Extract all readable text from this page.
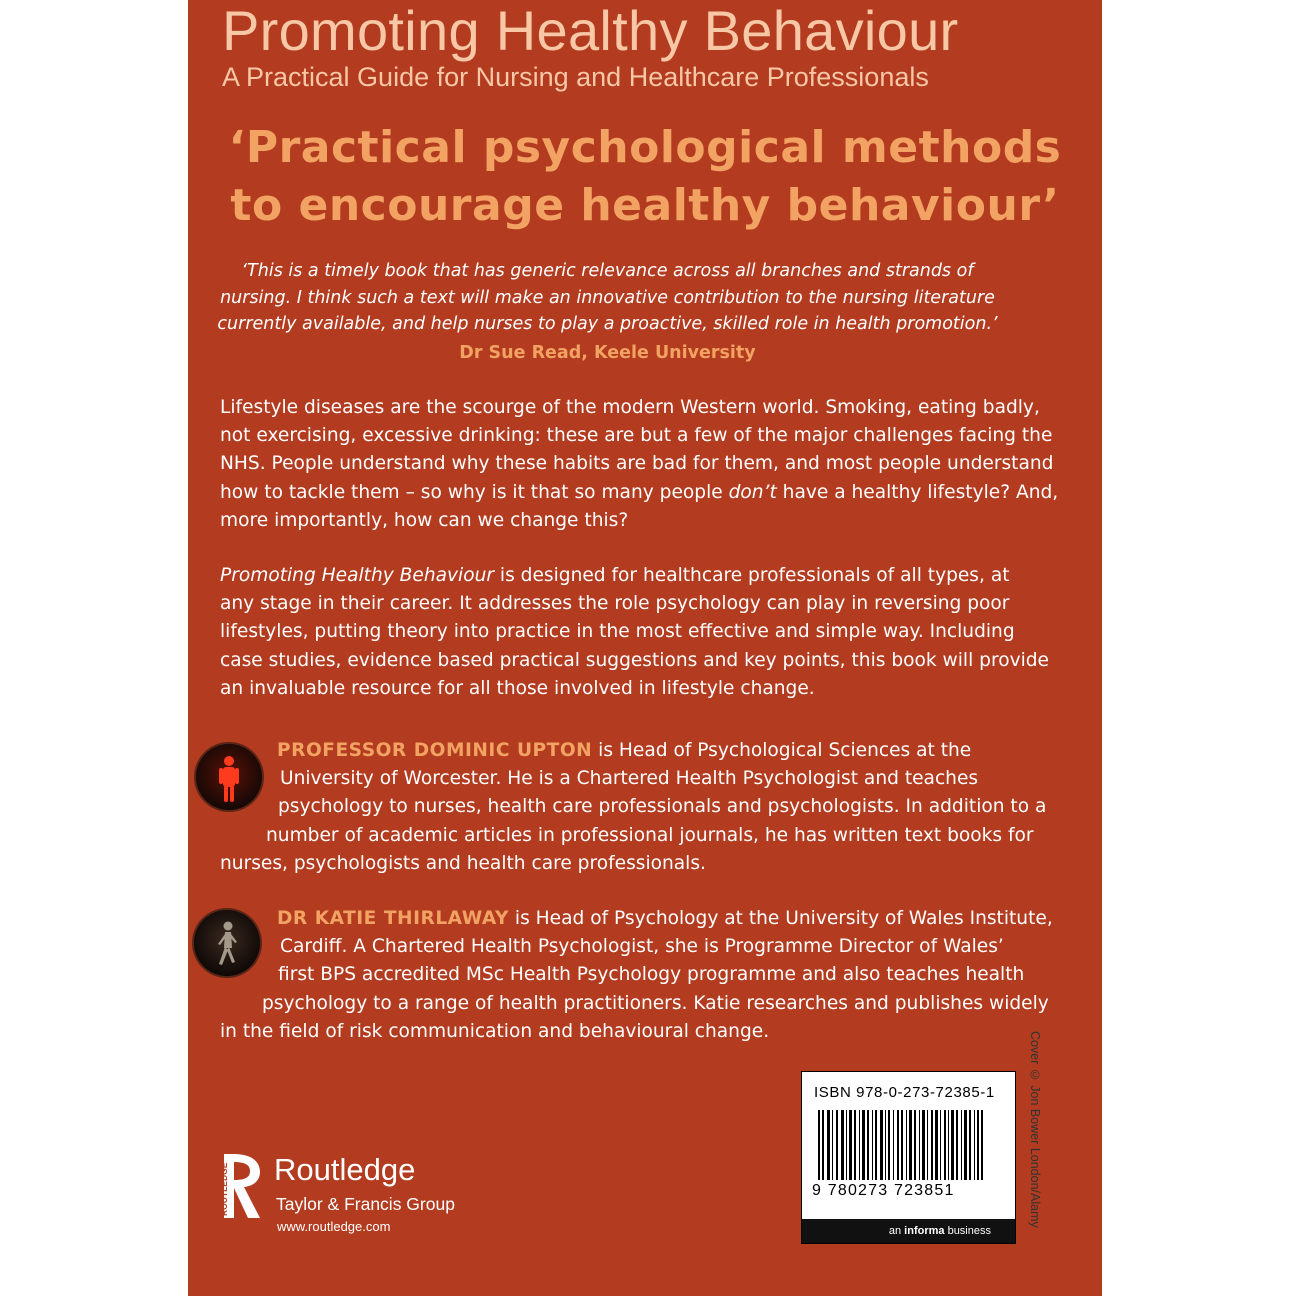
Promoting Healthy Behaviour
A Practical Guide for Nursing and Healthcare Professionals
‘Practical psychological methods
to encourage healthy behaviour’
‘This is a timely book that has generic relevance across all branches and strands of
nursing. I think such a text will make an innovative contribution to the nursing literature
currently available, and help nurses to play a proactive, skilled role in health promotion.’
Dr Sue Read, Keele University
Lifestyle diseases are the scourge of the modern Western world. Smoking, eating badly,
not exercising, excessive drinking: these are but a few of the major challenges facing the
NHS. People understand why these habits are bad for them, and most people understand
how to tackle them – so why is it that so many people don’t have a healthy lifestyle? And,
more importantly, how can we change this?
Promoting Healthy Behaviour is designed for healthcare professionals of all types, at
any stage in their career. It addresses the role psychology can play in reversing poor
lifestyles, putting theory into practice in the most effective and simple way. Including
case studies, evidence based practical suggestions and key points, this book will provide
an invaluable resource for all those involved in lifestyle change.
PROFESSOR DOMINIC UPTON is Head of Psychological Sciences at the
University of Worcester. He is a Chartered Health Psychologist and teaches
psychology to nurses, health care professionals and psychologists. In addition to a
number of academic articles in professional journals, he has written text books for
nurses, psychologists and health care professionals.
DR KATIE THIRLAWAY is Head of Psychology at the University of Wales Institute,
Cardiff. A Chartered Health Psychologist, she is Programme Director of Wales’
first BPS accredited MSc Health Psychology programme and also teaches health
psychology to a range of health practitioners. Katie researches and publishes widely
in the field of risk communication and behavioural change.
ROUTLEDGE Routledge
Taylor & Francis Group
www.routledge.com
ISBN 978-0-273-72385-1
9 780273 723851
an informa business
Cover © Jon Bower London/Alamy
